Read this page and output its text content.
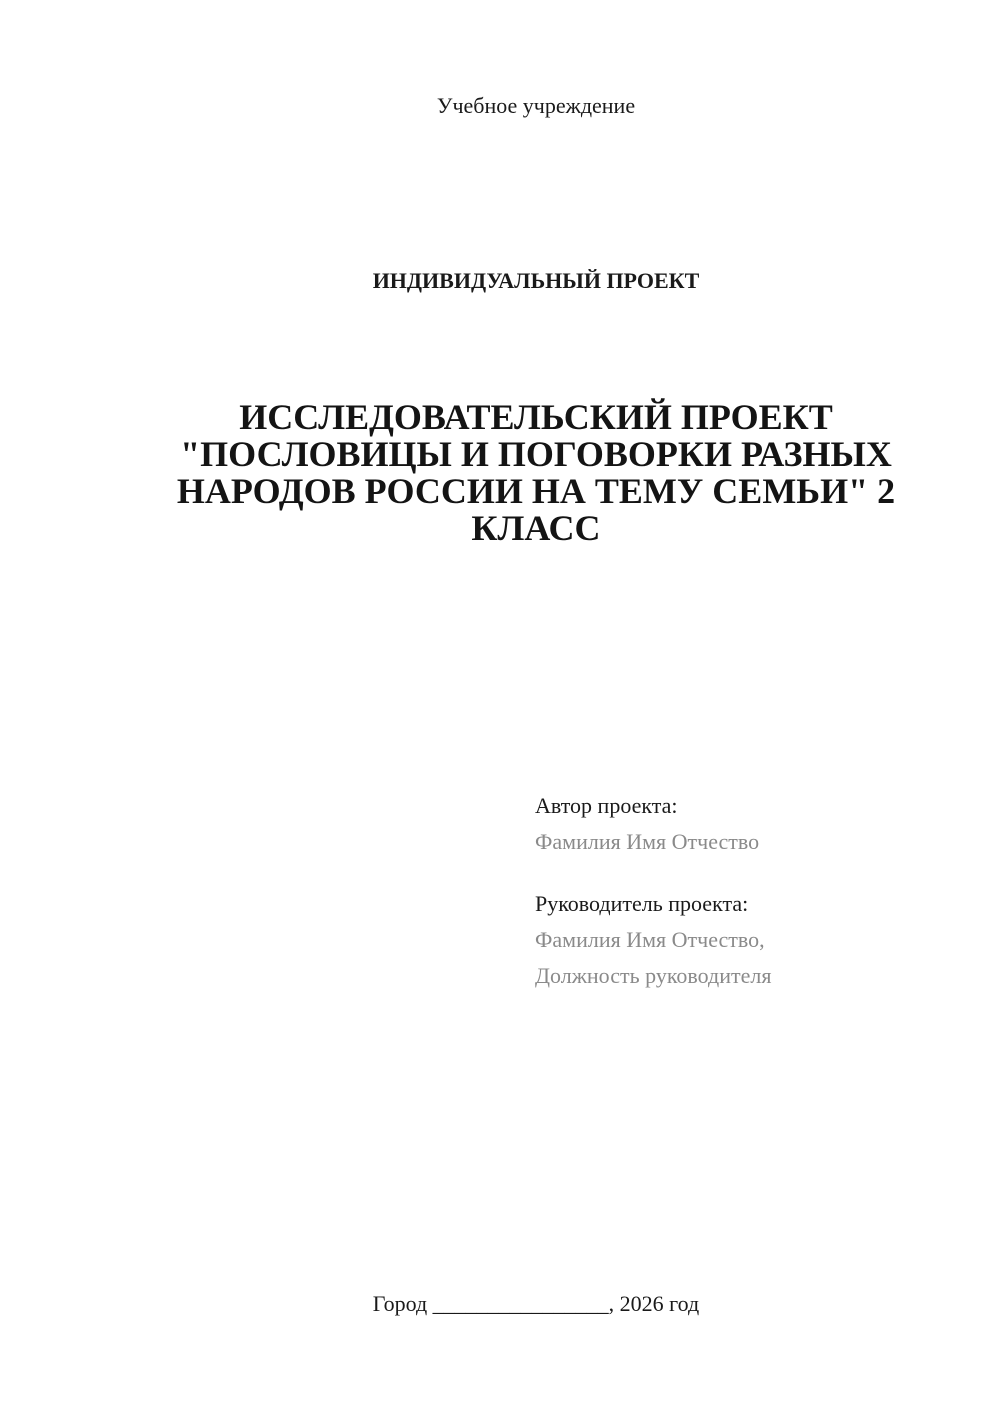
Учебное учреждение
ИНДИВИДУАЛЬНЫЙ ПРОЕКТ
ИССЛЕДОВАТЕЛЬСКИЙ ПРОЕКТ
"ПОСЛОВИЦЫ И ПОГОВОРКИ РАЗНЫХ
НАРОДОВ РОССИИ НА ТЕМУ СЕМЬИ" 2
КЛАСС
Автор проекта:
Фамилия Имя Отчество
Руководитель проекта:
Фамилия Имя Отчество,
Должность руководителя
Город ________________, 2026 год
